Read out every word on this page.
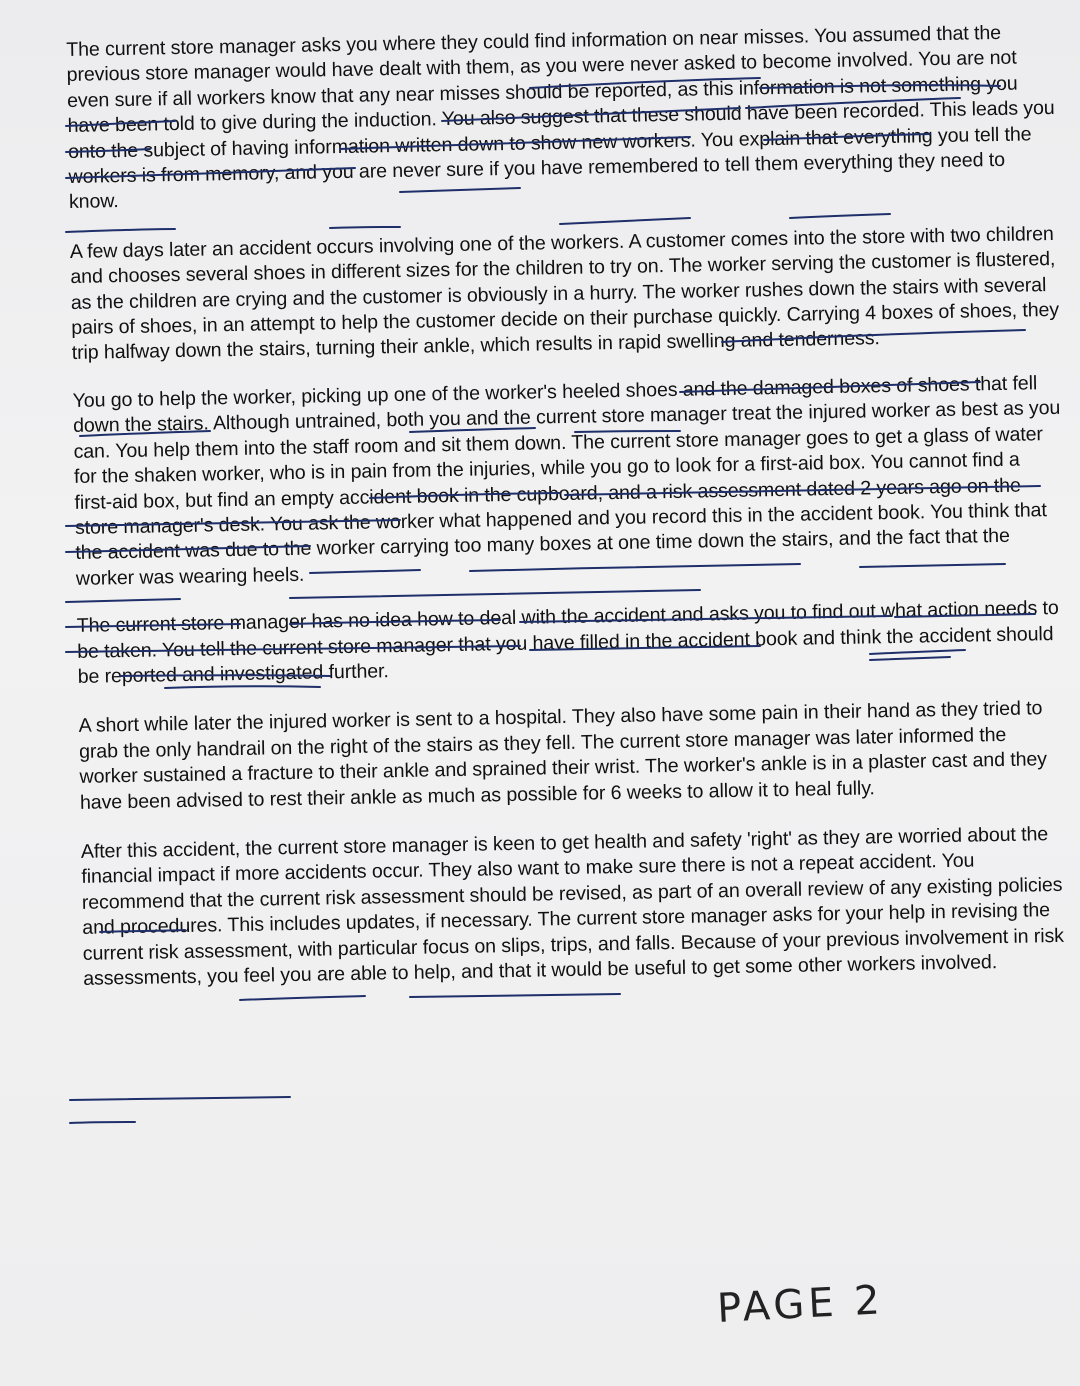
The current store manager asks you where they could find information on near misses. You assumed that the previous store manager would have dealt with them, as you were never asked to become involved. You are not even sure if all workers know that any near misses should be reported, as this information is not something you have been told to give during the induction. You also suggest that these should have been recorded. This leads you onto the subject of having information written down to show new workers. You explain that everything you tell the workers is from memory, and you are never sure if you have remembered to tell them everything they need to know.

A few days later an accident occurs involving one of the workers. A customer comes into the store with two children and chooses several shoes in different sizes for the children to try on. The worker serving the customer is flustered, as the children are crying and the customer is obviously in a hurry. The worker rushes down the stairs with several pairs of shoes, in an attempt to help the customer decide on their purchase quickly. Carrying 4 boxes of shoes, they trip halfway down the stairs, turning their ankle, which results in rapid swelling and tenderness.

You go to help the worker, picking up one of the worker's heeled shoes and the damaged boxes of shoes that fell down the stairs. Although untrained, both you and the current store manager treat the injured worker as best as you can. You help them into the staff room and sit them down. The current store manager goes to get a glass of water for the shaken worker, who is in pain from the injuries, while you go to look for a first-aid box. You cannot find a first-aid box, but find an empty accident book in the cupboard, and a risk assessment dated 2 years ago on the store manager's desk. You ask the worker what happened and you record this in the accident book. You think that the accident was due to the worker carrying too many boxes at one time down the stairs, and the fact that the worker was wearing heels.

The current store manager has no idea how to deal with the accident and asks you to find out what action needs to be taken. You tell the current store manager that you have filled in the accident book and think the accident should be reported and investigated further.

A short while later the injured worker is sent to a hospital. They also have some pain in their hand as they tried to grab the only handrail on the right of the stairs as they fell. The current store manager was later informed the worker sustained a fracture to their ankle and sprained their wrist. The worker's ankle is in a plaster cast and they have been advised to rest their ankle as much as possible for 6 weeks to allow it to heal fully.

After this accident, the current store manager is keen to get health and safety 'right' as they are worried about the financial impact if more accidents occur. They also want to make sure there is not a repeat accident. You recommend that the current risk assessment should be revised, as part of an overall review of any existing policies and procedures. This includes updates, if necessary. The current store manager asks for your help in revising the current risk assessment, with particular focus on slips, trips, and falls. Because of your previous involvement in risk assessments, you feel you are able to help, and that it would be useful to get some other workers involved.

PAGE 2
